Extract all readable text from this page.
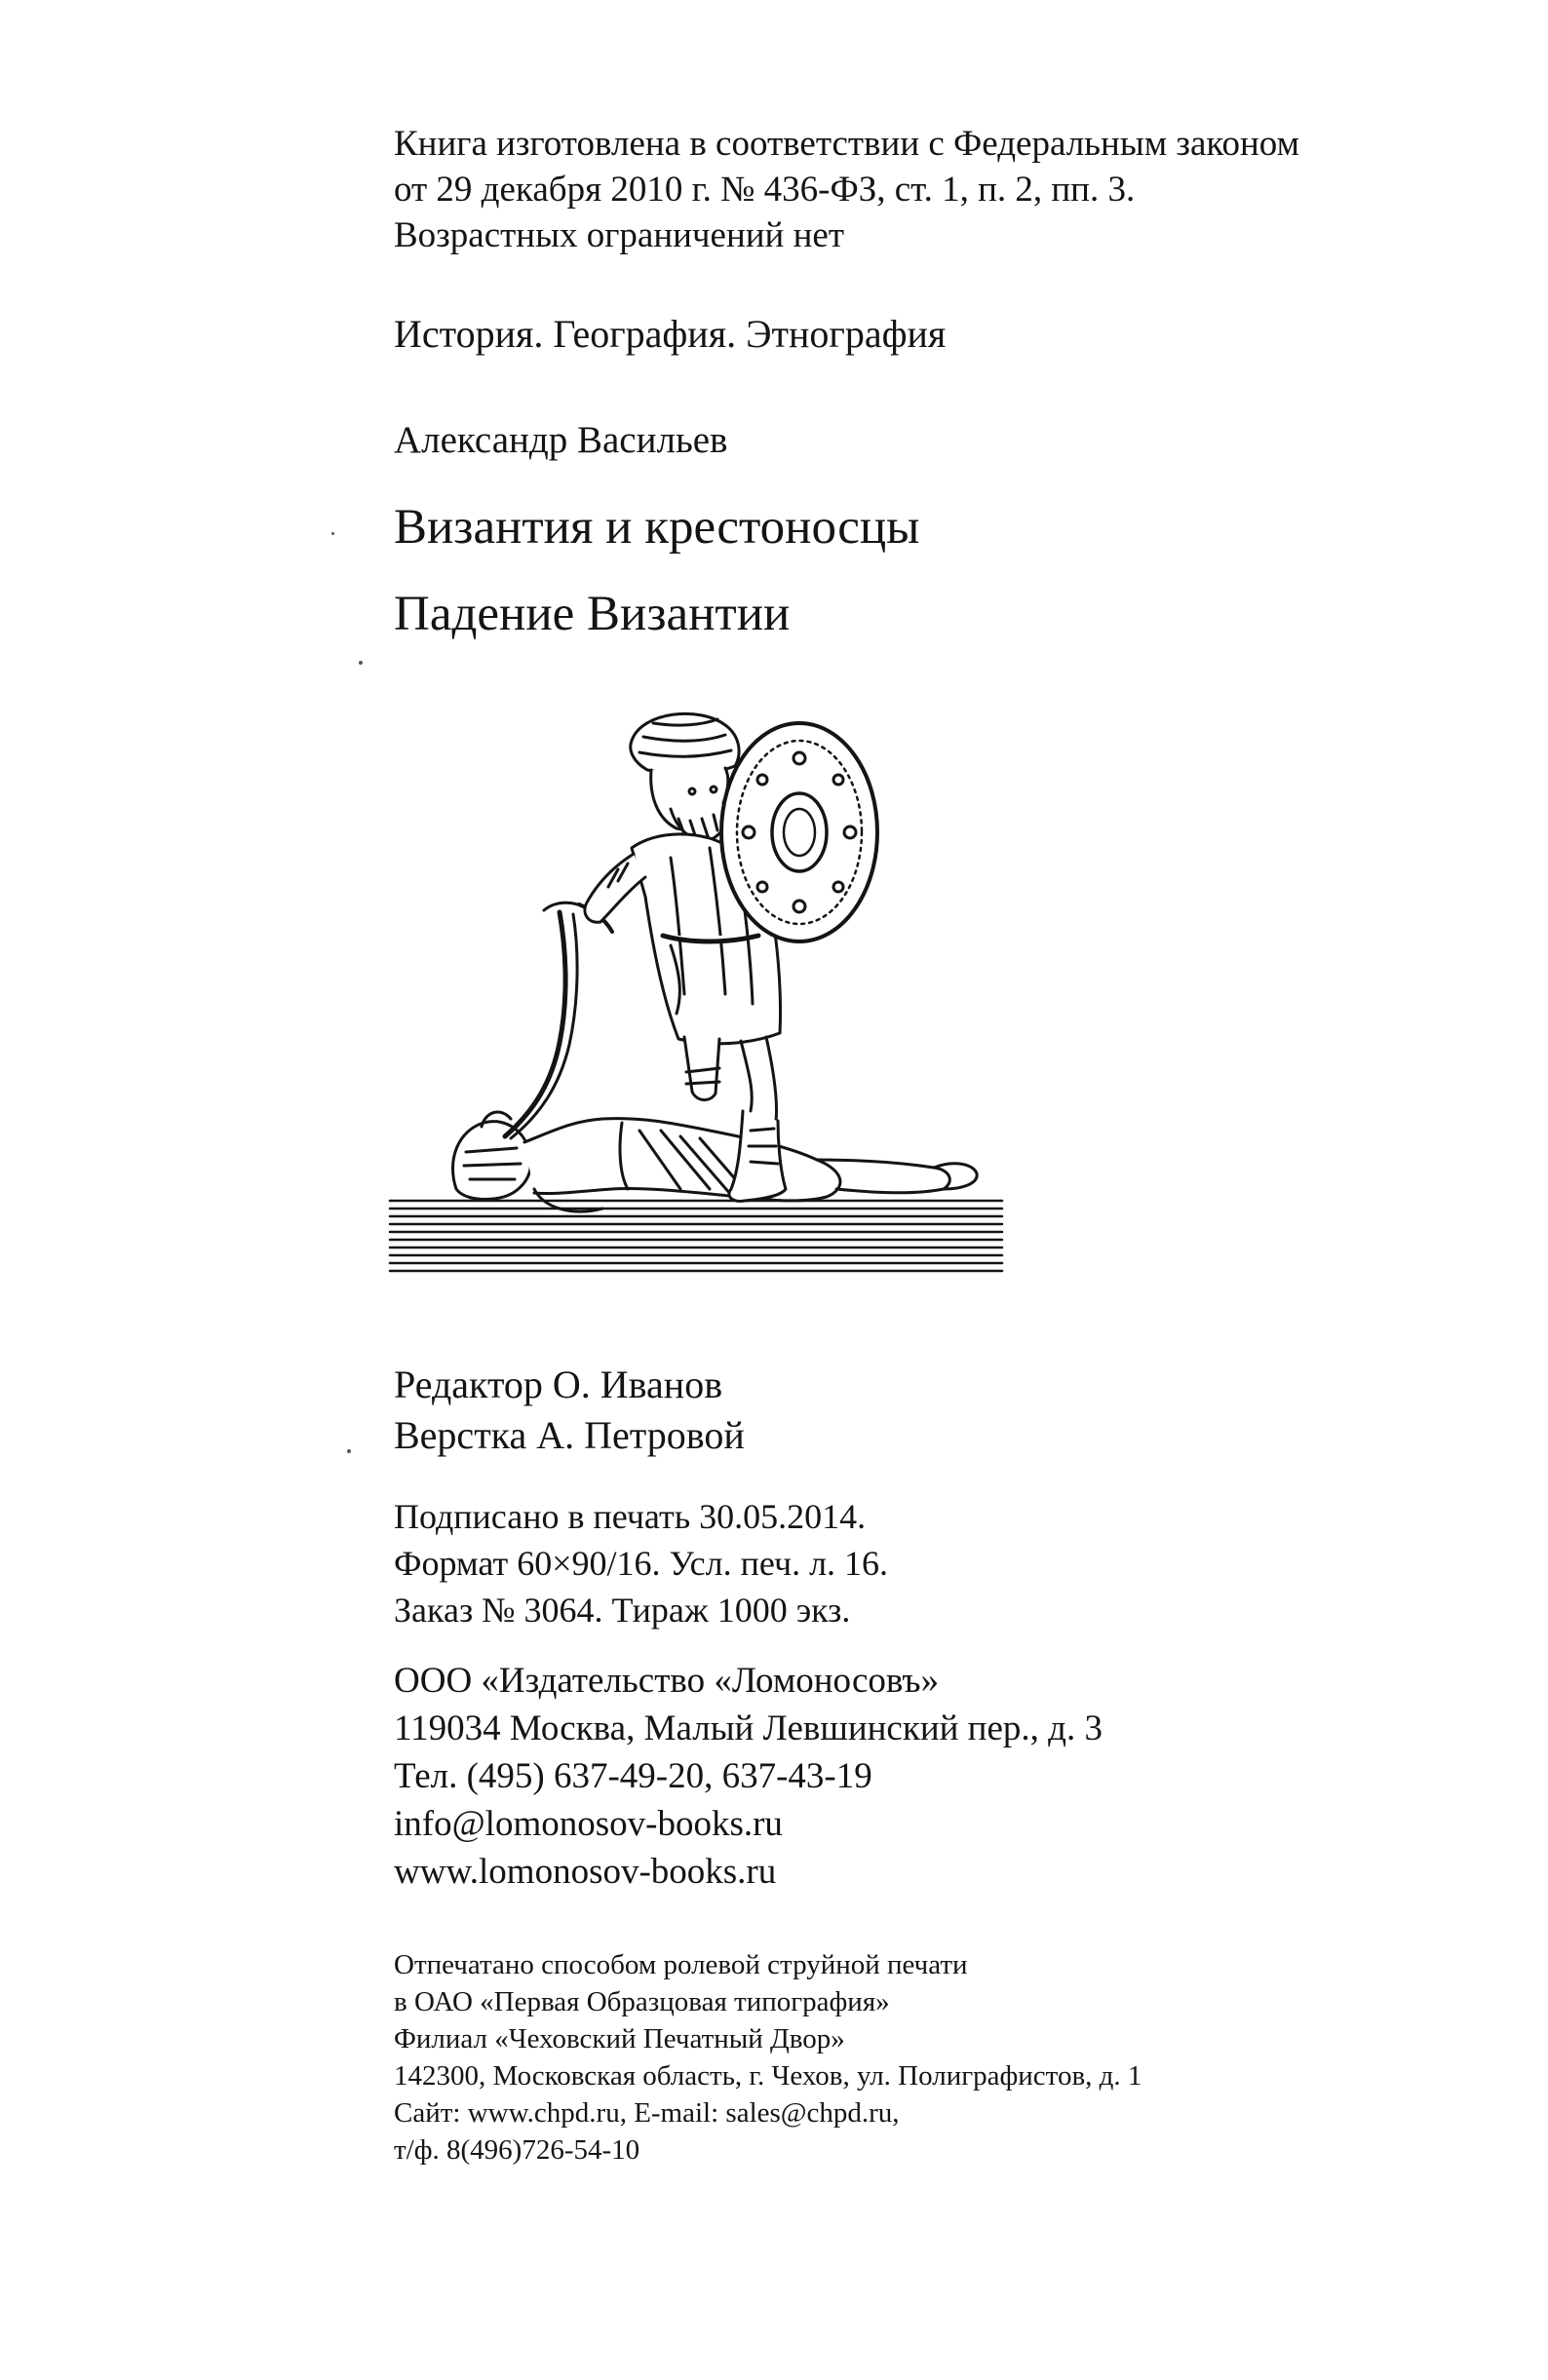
Книга изготовлена в соответствии с Федеральным законом
от 29 декабря 2010 г. № 436-ФЗ, ст. 1, п. 2, пп. 3.
Возрастных ограничений нет
История. География. Этнография
Александр Васильев
Византия и крестоносцы
Падение Византии
Редактор О. Иванов
Верстка А. Петровой
Подписано в печать 30.05.2014.
Формат 60×90/16. Усл. печ. л. 16.
Заказ № 3064. Тираж 1000 экз.
ООО «Издательство «Ломоносовъ»
119034 Москва, Малый Левшинский пер., д. 3
Тел. (495) 637-49-20, 637-43-19
info@lomonosov-books.ru
www.lomonosov-books.ru
Отпечатано способом ролевой струйной печати
в ОАО «Первая Образцовая типография»
Филиал «Чеховский Печатный Двор»
142300, Московская область, г. Чехов, ул. Полиграфистов, д. 1
Сайт: www.chpd.ru, E-mail: sales@chpd.ru,
т/ф. 8(496)726-54-10
